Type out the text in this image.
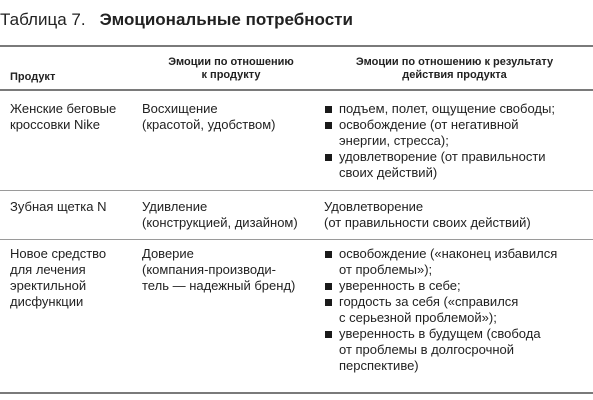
Таблица 7. Эмоциональные потребности
Продукт
Эмоции по отношению
к продукту
Эмоции по отношению к результату
действия продукта
Женские беговые
кроссовки Nike
Восхищение
(красотой, удобством)
подъем, полет, ощущение свободы;
освобождение (от негативной
энергии, стресса);
удовлетворение (от правильности
своих действий)
Зубная щетка N	Удивление
(конструкцией, дизайном)
Удовлетворение
(от правильности своих действий)
Новое средство
для лечения
эректильной
дисфункции
Доверие
(компания-производи-
тель — надежный бренд)
освобождение («наконец избавился
от проблемы»);
уверенность в себе;
гордость за себя («справился
с серьезной проблемой»);
уверенность в будущем (свобода
от проблемы в долгосрочной
перспективе)
